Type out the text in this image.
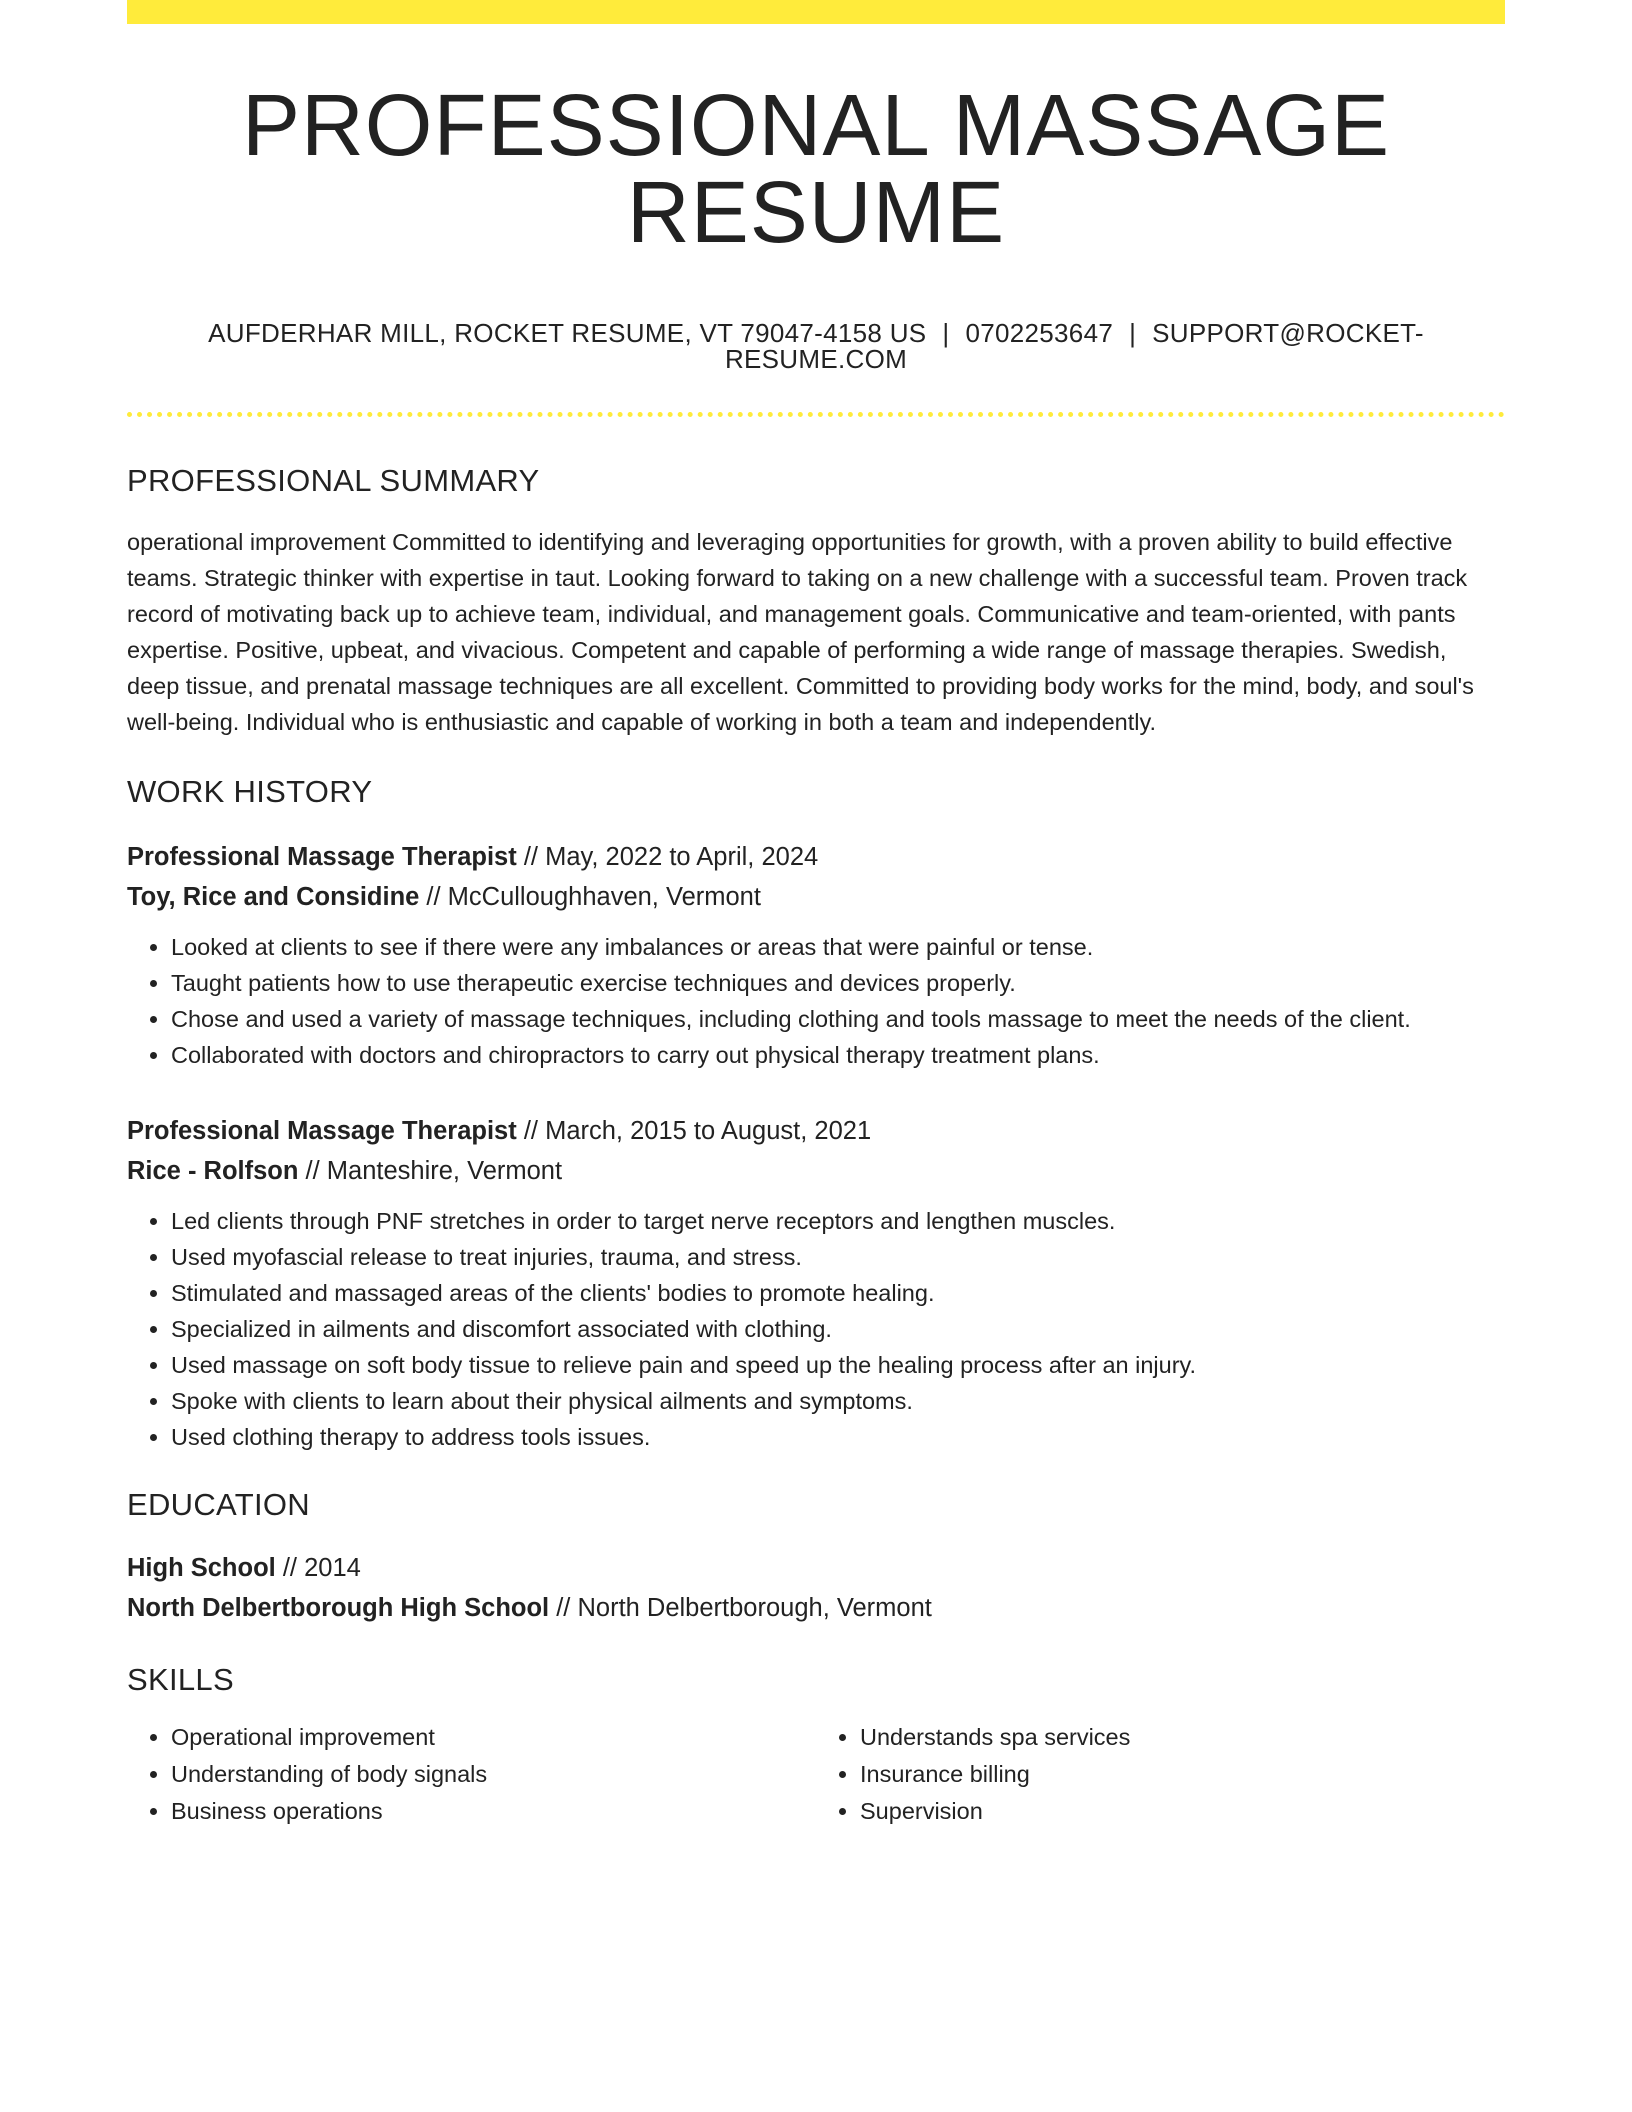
PROFESSIONAL MASSAGE RESUME
AUFDERHAR MILL, ROCKET RESUME, VT 79047-4158 US | 0702253647 | SUPPORT@ROCKET-RESUME.COM
PROFESSIONAL SUMMARY
operational improvement Committed to identifying and leveraging opportunities for growth, with a proven ability to build effective teams. Strategic thinker with expertise in taut. Looking forward to taking on a new challenge with a successful team. Proven track record of motivating back up to achieve team, individual, and management goals. Communicative and team-oriented, with pants expertise. Positive, upbeat, and vivacious. Competent and capable of performing a wide range of massage therapies. Swedish, deep tissue, and prenatal massage techniques are all excellent. Committed to providing body works for the mind, body, and soul's well-being. Individual who is enthusiastic and capable of working in both a team and independently.
WORK HISTORY
Professional Massage Therapist // May, 2022 to April, 2024
Toy, Rice and Considine // McCulloughhaven, Vermont
• Looked at clients to see if there were any imbalances or areas that were painful or tense.
• Taught patients how to use therapeutic exercise techniques and devices properly.
• Chose and used a variety of massage techniques, including clothing and tools massage to meet the needs of the client.
• Collaborated with doctors and chiropractors to carry out physical therapy treatment plans.
Professional Massage Therapist // March, 2015 to August, 2021
Rice - Rolfson // Manteshire, Vermont
• Led clients through PNF stretches in order to target nerve receptors and lengthen muscles.
• Used myofascial release to treat injuries, trauma, and stress.
• Stimulated and massaged areas of the clients' bodies to promote healing.
• Specialized in ailments and discomfort associated with clothing.
• Used massage on soft body tissue to relieve pain and speed up the healing process after an injury.
• Spoke with clients to learn about their physical ailments and symptoms.
• Used clothing therapy to address tools issues.
EDUCATION
High School // 2014
North Delbertborough High School // North Delbertborough, Vermont
SKILLS
• Operational improvement
• Understanding of body signals
• Business operations
• Understands spa services
• Insurance billing
• Supervision
